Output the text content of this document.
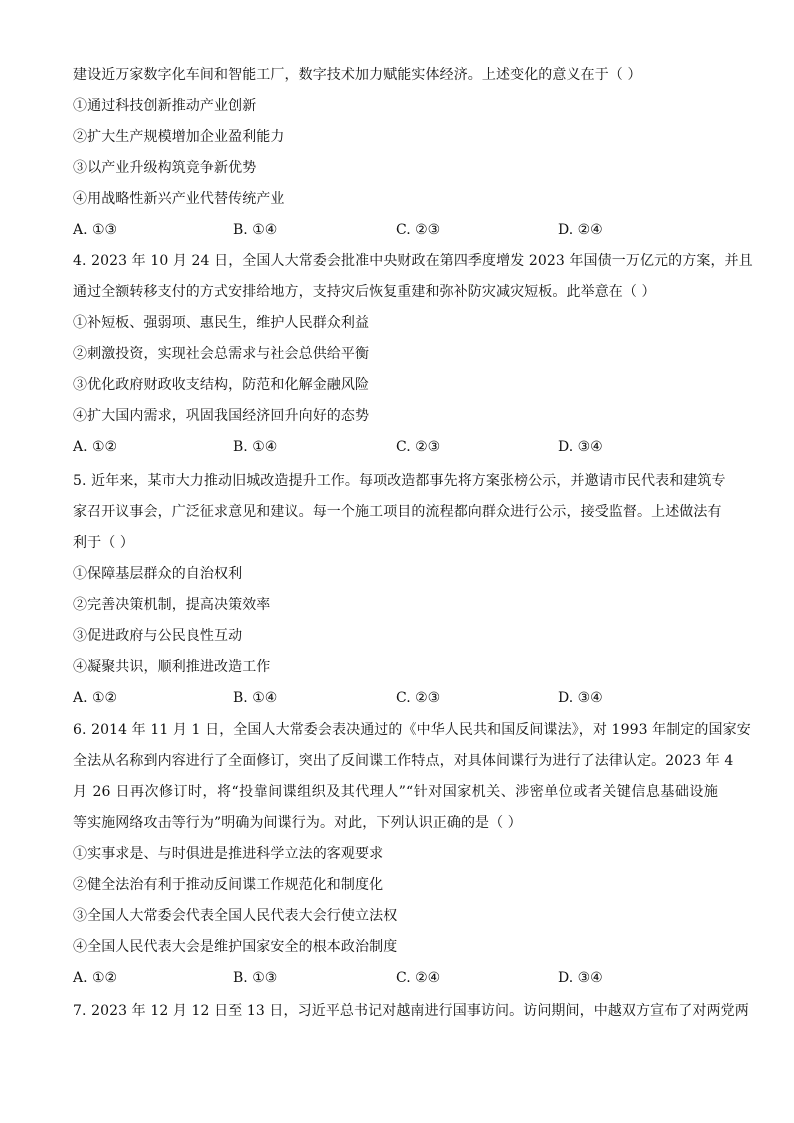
建设近万家数字化车间和智能工厂，数字技术加力赋能实体经济。上述变化的意义在于（ ）
①通过科技创新推动产业创新
②扩大生产规模增加企业盈利能力
③以产业升级构筑竞争新优势
④用战略性新兴产业代替传统产业
A. ①③	B. ①④	C. ②③	D. ②④
4. 2023 年 10 月 24 日，全国人大常委会批准中央财政在第四季度增发 2023 年国债一万亿元的方案，并且
通过全额转移支付的方式安排给地方，支持灾后恢复重建和弥补防灾减灾短板。此举意在（ ）
①补短板、强弱项、惠民生，维护人民群众利益
②刺激投资，实现社会总需求与社会总供给平衡
③优化政府财政收支结构，防范和化解金融风险
④扩大国内需求，巩固我国经济回升向好的态势
A. ①②	B. ①④	C. ②③	D. ③④
5. 近年来，某市大力推动旧城改造提升工作。每项改造都事先将方案张榜公示，并邀请市民代表和建筑专
家召开议事会，广泛征求意见和建议。每一个施工项目的流程都向群众进行公示，接受监督。上述做法有
利于（ ）
①保障基层群众的自治权利
②完善决策机制，提高决策效率
③促进政府与公民良性互动
④凝聚共识，顺利推进改造工作
A. ①②	B. ①④	C. ②③	D. ③④
6. 2014 年 11 月 1 日，全国人大常委会表决通过的《中华人民共和国反间谍法》，对 1993 年制定的国家安
全法从名称到内容进行了全面修订，突出了反间谍工作特点，对具体间谍行为进行了法律认定。2023 年 4
月 26 日再次修订时，将“投靠间谍组织及其代理人”“针对国家机关、涉密单位或者关键信息基础设施
等实施网络攻击等行为”明确为间谍行为。对此，下列认识正确的是（ ）
①实事求是、与时俱进是推进科学立法的客观要求
②健全法治有利于推动反间谍工作规范化和制度化
③全国人大常委会代表全国人民代表大会行使立法权
④全国人民代表大会是维护国家安全的根本政治制度
A. ①②	B. ①③	C. ②④	D. ③④
7. 2023 年 12 月 12 日至 13 日，习近平总书记对越南进行国事访问。访问期间，中越双方宣布了对两党两
